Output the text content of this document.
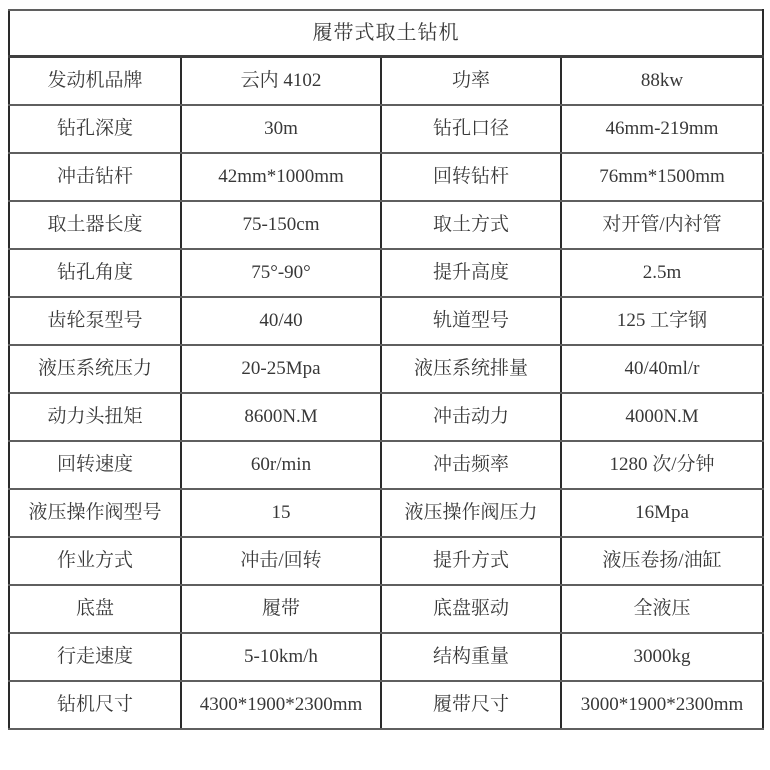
履带式取土钻机			
发动机品牌	云内 4102	功率	88kw
钻孔深度	30m	钻孔口径	46mm-219mm
冲击钻杆	42mm*1000mm	回转钻杆	76mm*1500mm
取土器长度	75-150cm	取土方式	对开管/内衬管
钻孔角度	75°-90°	提升高度	2.5m
齿轮泵型号	40/40	轨道型号	125 工字钢
液压系统压力	20-25Mpa	液压系统排量	40/40ml/r
动力头扭矩	8600N.M	冲击动力	4000N.M
回转速度	60r/min	冲击频率	1280 次/分钟
液压操作阀型号	15	液压操作阀压力	16Mpa
作业方式	冲击/回转	提升方式	液压卷扬/油缸
底盘	履带	底盘驱动	全液压
行走速度	5-10km/h	结构重量	3000kg
钻机尺寸	4300*1900*2300mm	履带尺寸	3000*1900*2300mm
